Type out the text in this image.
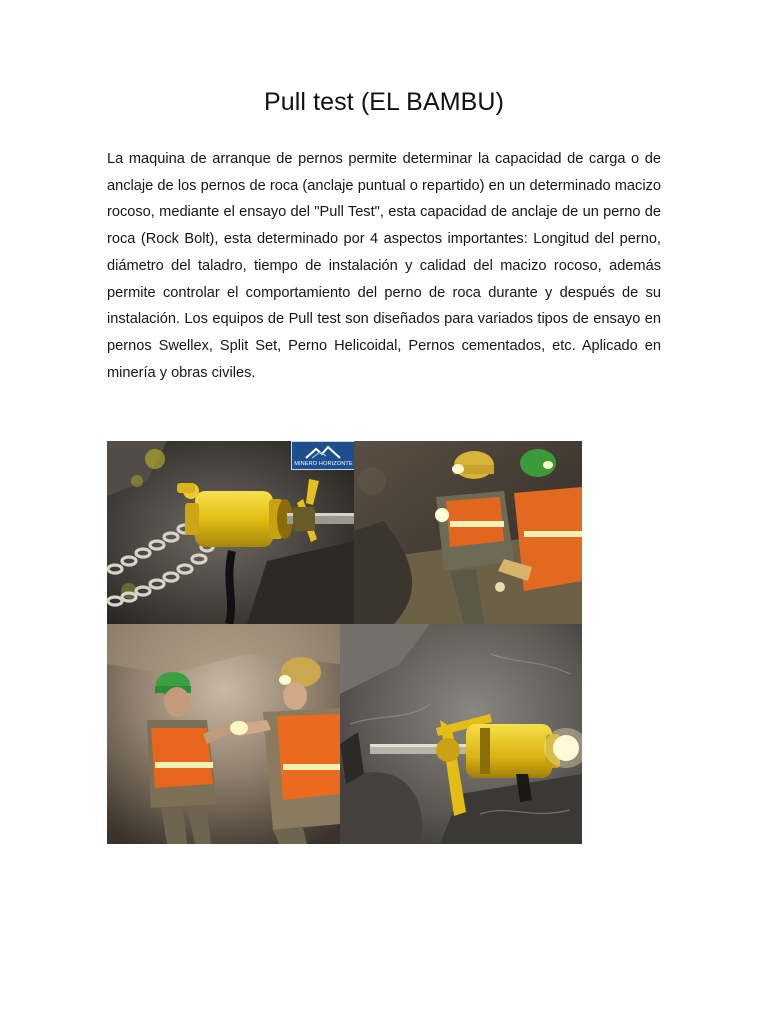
Pull test (EL BAMBU)

La maquina de arranque de pernos permite determinar la capacidad de carga o de anclaje de los pernos de roca (anclaje puntual o repartido) en un determinado macizo rocoso, mediante el ensayo del "Pull Test", esta capacidad de anclaje de un perno de roca (Rock Bolt), esta determinado por 4 aspectos importantes: Longitud del perno, diámetro del taladro, tiempo de instalación y calidad del macizo rocoso, además permite controlar el comportamiento del perno de roca durante y después de su instalación. Los equipos de Pull test son diseñados para variados tipos de ensayo en pernos Swellex, Split Set, Perno Helicoidal, Pernos cementados, etc. Aplicado en minería y obras civiles.

MINERO HORIZONTE
